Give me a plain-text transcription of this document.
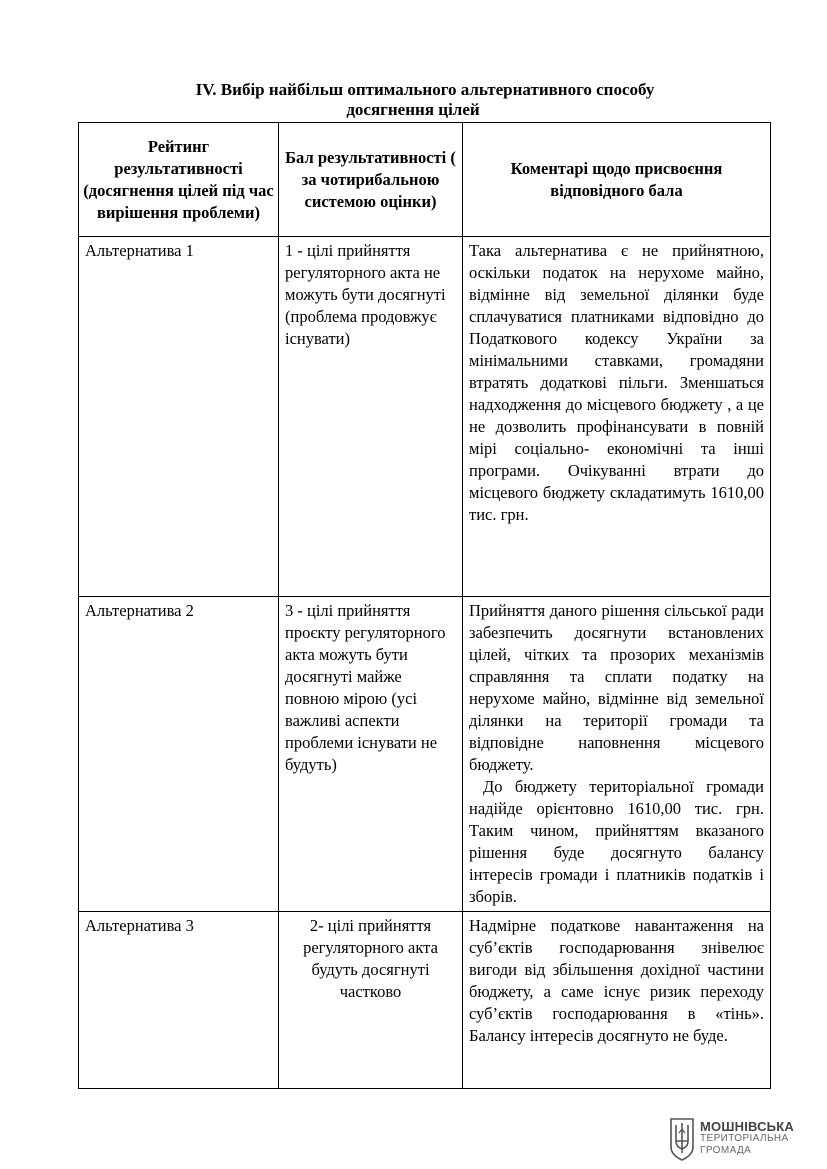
IV. Вибір найбільш оптимального альтернативного способу
досягнення цілей
Рейтинг результативності (досягнення цілей під час вирішення проблеми)	Бал результативності ( за чотирибальною системою оцінки)	Коментарі щодо присвоєння відповідного бала
Альтернатива 1	1 - цілі прийняття регуляторного акта не можуть бути досягнуті (проблема продовжує існувати)	Така альтернатива є не прийнятною, оскільки податок на нерухоме майно, відмінне від земельної ділянки буде сплачуватися платниками відповідно до Податкового кодексу України за мінімальними ставками, громадяни втратять додаткові пільги. Зменшаться надходження до місцевого бюджету , а це не дозволить профінансувати в повній мірі соціально- економічні та інші програми. Очікуванні втрати до місцевого бюджету складатимуть 1610,00 тис. грн.

Альтернатива 2	3 - цілі прийняття проєкту регуляторного акта можуть бути досягнуті майже повною мірою (усі важливі аспекти проблеми існувати не будуть)	Прийняття даного рішення сільської ради забезпечить досягнути встановлених цілей, чітких та прозорих механізмів справляння та сплати податку на нерухоме майно, відмінне від земельної ділянки на території громади та відповідне наповнення місцевого бюджету.
До бюджету територіальної громади надійде орієнтовно 1610,00 тис. грн. Таким чином, прийняттям вказаного рішення буде досягнуто балансу інтересів громади і платників податків і зборів.

Альтернатива 3	2- цілі прийняття регуляторного акта будуть досягнуті частково	Надмірне податкове навантаження на суб’єктів господарювання знівелює вигоди від збільшення дохідної частини бюджету, а саме існує ризик переходу суб’єктів господарювання в «тінь». Балансу інтересів досягнуто не буде.
МОШНІВСЬКА
ТЕРИТОРІАЛЬНА
ГРОМАДА
